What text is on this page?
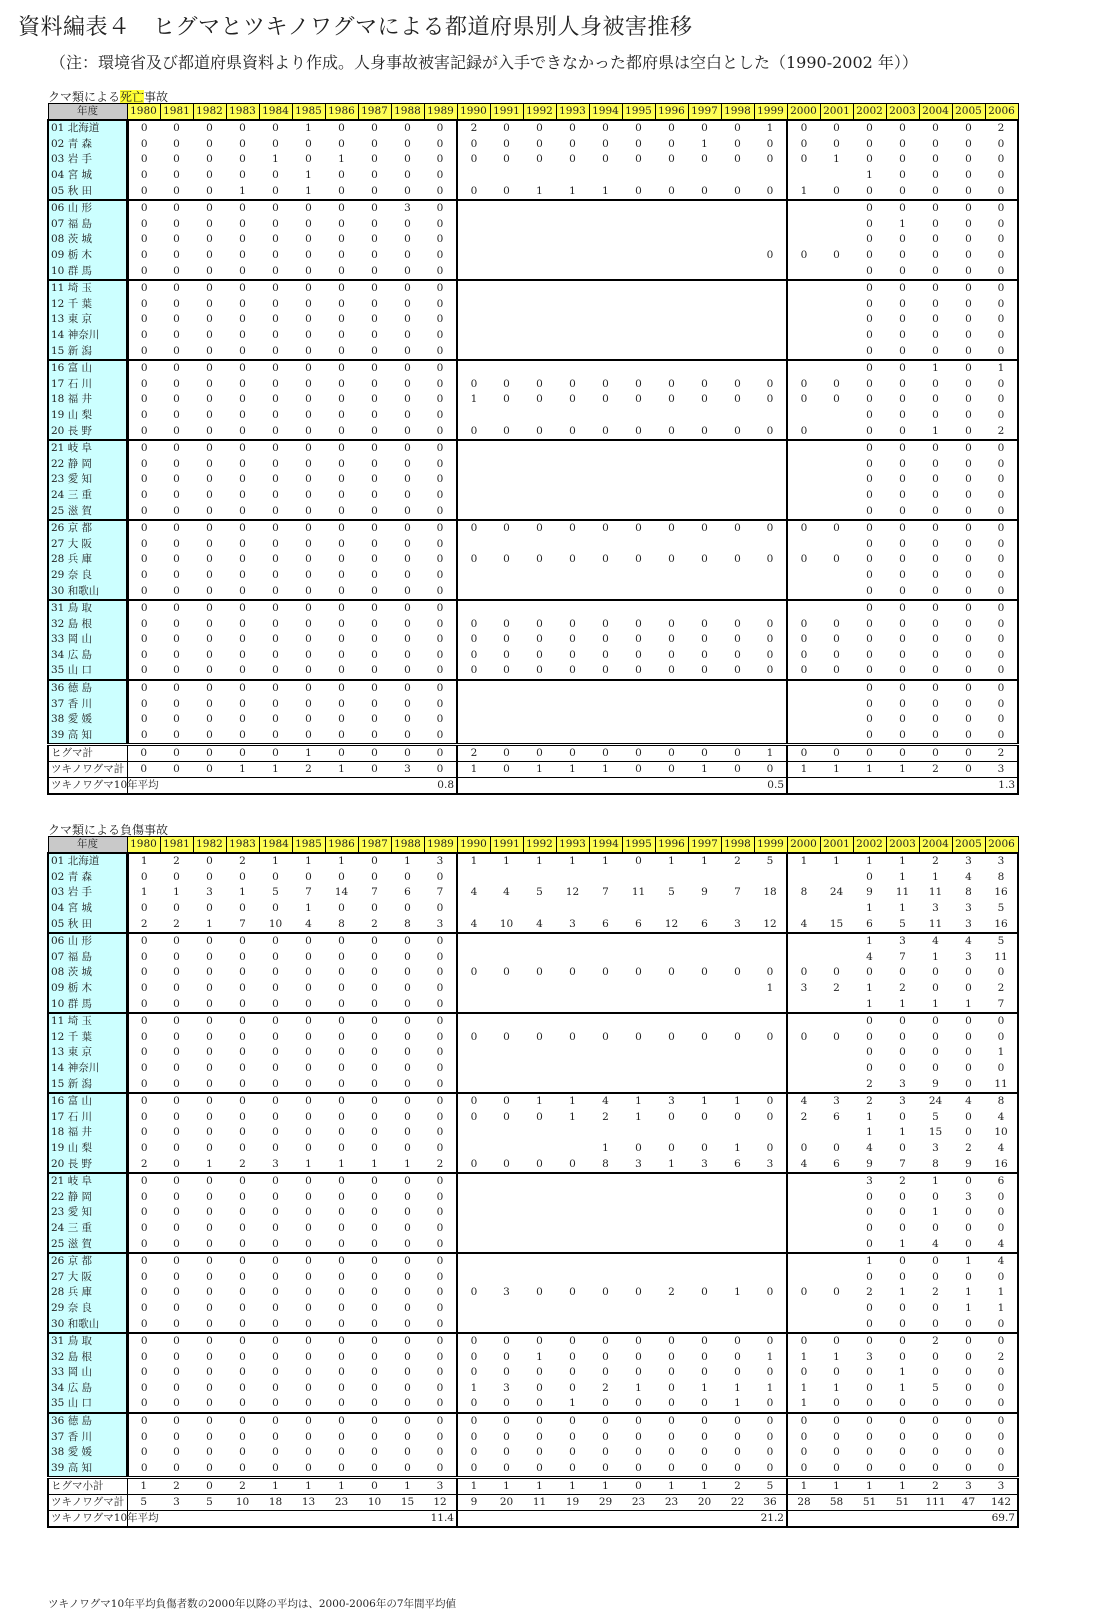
資料編表４　ヒグマとツキノワグマによる都道府県別人身被害推移
（注：環境省及び都道府県資料より作成。人身事故被害記録が入手できなかった都府県は空白とした（1990-2002 年））
クマ類による死亡事故
年度	1980	1981	1982	1983	1984	1985	1986	1987	1988	1989	1990	1991	1992	1993	1994	1995	1996	1997	1998	1999	2000	2001	2002	2003	2004	2005	2006
01 北海道	0	0	0	0	0	1	0	0	0	0	2	0	0	0	0	0	0	0	0	1	0	0	0	0	0	0	2
02 青 森	0	0	0	0	0	0	0	0	0	0	0	0	0	0	0	0	0	1	0	0	0	0	0	0	0	0	0
03 岩 手	0	0	0	0	1	0	1	0	0	0	0	0	0	0	0	0	0	0	0	0	0	1	0	0	0	0	0
04 宮 城	0	0	0	0	0	1	0	0	0	0													1	0	0	0	0
05 秋 田	0	0	0	1	0	1	0	0	0	0	0	0	1	1	1	0	0	0	0	0	1	0	0	0	0	0	0
06 山 形	0	0	0	0	0	0	0	0	3	0													0	0	0	0	0
07 福 島	0	0	0	0	0	0	0	0	0	0													0	1	0	0	0
08 茨 城	0	0	0	0	0	0	0	0	0	0													0	0	0	0	0
09 栃 木	0	0	0	0	0	0	0	0	0	0										0	0	0	0	0	0	0	0
10 群 馬	0	0	0	0	0	0	0	0	0	0													0	0	0	0	0
11 埼 玉	0	0	0	0	0	0	0	0	0	0													0	0	0	0	0
12 千 葉	0	0	0	0	0	0	0	0	0	0													0	0	0	0	0
13 東 京	0	0	0	0	0	0	0	0	0	0													0	0	0	0	0
14 神奈川	0	0	0	0	0	0	0	0	0	0													0	0	0	0	0
15 新 潟	0	0	0	0	0	0	0	0	0	0													0	0	0	0	0
16 富 山	0	0	0	0	0	0	0	0	0	0													0	0	1	0	1
17 石 川	0	0	0	0	0	0	0	0	0	0	0	0	0	0	0	0	0	0	0	0	0	0	0	0	0	0	0
18 福 井	0	0	0	0	0	0	0	0	0	0	1	0	0	0	0	0	0	0	0	0	0	0	0	0	0	0	0
19 山 梨	0	0	0	0	0	0	0	0	0	0													0	0	0	0	0
20 長 野	0	0	0	0	0	0	0	0	0	0	0	0	0	0	0	0	0	0	0	0	0		0	0	1	0	2
21 岐 阜	0	0	0	0	0	0	0	0	0	0													0	0	0	0	0
22 静 岡	0	0	0	0	0	0	0	0	0	0													0	0	0	0	0
23 愛 知	0	0	0	0	0	0	0	0	0	0													0	0	0	0	0
24 三 重	0	0	0	0	0	0	0	0	0	0													0	0	0	0	0
25 滋 賀	0	0	0	0	0	0	0	0	0	0													0	0	0	0	0
26 京 都	0	0	0	0	0	0	0	0	0	0	0	0	0	0	0	0	0	0	0	0	0	0	0	0	0	0	0
27 大 阪	0	0	0	0	0	0	0	0	0	0													0	0	0	0	0
28 兵 庫	0	0	0	0	0	0	0	0	0	0	0	0	0	0	0	0	0	0	0	0	0	0	0	0	0	0	0
29 奈 良	0	0	0	0	0	0	0	0	0	0													0	0	0	0	0
30 和歌山	0	0	0	0	0	0	0	0	0	0													0	0	0	0	0
31 鳥 取	0	0	0	0	0	0	0	0	0	0													0	0	0	0	0
32 島 根	0	0	0	0	0	0	0	0	0	0	0	0	0	0	0	0	0	0	0	0	0	0	0	0	0	0	0
33 岡 山	0	0	0	0	0	0	0	0	0	0	0	0	0	0	0	0	0	0	0	0	0	0	0	0	0	0	0
34 広 島	0	0	0	0	0	0	0	0	0	0	0	0	0	0	0	0	0	0	0	0	0	0	0	0	0	0	0
35 山 口	0	0	0	0	0	0	0	0	0	0	0	0	0	0	0	0	0	0	0	0	0	0	0	0	0	0	0
36 徳 島	0	0	0	0	0	0	0	0	0	0													0	0	0	0	0
37 香 川	0	0	0	0	0	0	0	0	0	0													0	0	0	0	0
38 愛 媛	0	0	0	0	0	0	0	0	0	0													0	0	0	0	0
39 高 知	0	0	0	0	0	0	0	0	0	0													0	0	0	0	0
ヒグマ計	0	0	0	0	0	1	0	0	0	0	2	0	0	0	0	0	0	0	0	1	0	0	0	0	0	0	2
ツキノワグマ計	0	0	0	1	1	2	1	0	3	0	1	0	1	1	1	0	0	1	0	0	1	1	1	1	2	0	3
ツキノワグマ10年平均	0.8										0.5										1.3						
クマ類による負傷事故
年度	1980	1981	1982	1983	1984	1985	1986	1987	1988	1989	1990	1991	1992	1993	1994	1995	1996	1997	1998	1999	2000	2001	2002	2003	2004	2005	2006
01 北海道	1	2	0	2	1	1	1	0	1	3	1	1	1	1	1	0	1	1	2	5	1	1	1	1	2	3	3
02 青 森	0	0	0	0	0	0	0	0	0	0													0	1	1	4	8
03 岩 手	1	1	3	1	5	7	14	7	6	7	4	4	5	12	7	11	5	9	7	18	8	24	9	11	11	8	16
04 宮 城	0	0	0	0	0	1	0	0	0	0													1	1	3	3	5
05 秋 田	2	2	1	7	10	4	8	2	8	3	4	10	4	3	6	6	12	6	3	12	4	15	6	5	11	3	16
06 山 形	0	0	0	0	0	0	0	0	0	0													1	3	4	4	5
07 福 島	0	0	0	0	0	0	0	0	0	0													4	7	1	3	11
08 茨 城	0	0	0	0	0	0	0	0	0	0	0	0	0	0	0	0	0	0	0	0	0	0	0	0	0	0	0
09 栃 木	0	0	0	0	0	0	0	0	0	0										1	3	2	1	2	0	0	2
10 群 馬	0	0	0	0	0	0	0	0	0	0													1	1	1	1	7
11 埼 玉	0	0	0	0	0	0	0	0	0	0													0	0	0	0	0
12 千 葉	0	0	0	0	0	0	0	0	0	0	0	0	0	0	0	0	0	0	0	0	0	0	0	0	0	0	0
13 東 京	0	0	0	0	0	0	0	0	0	0													0	0	0	0	1
14 神奈川	0	0	0	0	0	0	0	0	0	0													0	0	0	0	0
15 新 潟	0	0	0	0	0	0	0	0	0	0													2	3	9	0	11
16 富 山	0	0	0	0	0	0	0	0	0	0	0	0	1	1	4	1	3	1	1	0	4	3	2	3	24	4	8
17 石 川	0	0	0	0	0	0	0	0	0	0	0	0	0	1	2	1	0	0	0	0	2	6	1	0	5	0	4
18 福 井	0	0	0	0	0	0	0	0	0	0													1	1	15	0	10
19 山 梨	0	0	0	0	0	0	0	0	0	0					1	0	0	0	1	0	0	0	4	0	3	2	4
20 長 野	2	0	1	2	3	1	1	1	1	2	0	0	0	0	8	3	1	3	6	3	4	6	9	7	8	9	16
21 岐 阜	0	0	0	0	0	0	0	0	0	0													3	2	1	0	6
22 静 岡	0	0	0	0	0	0	0	0	0	0													0	0	0	3	0
23 愛 知	0	0	0	0	0	0	0	0	0	0													0	0	1	0	0
24 三 重	0	0	0	0	0	0	0	0	0	0													0	0	0	0	0
25 滋 賀	0	0	0	0	0	0	0	0	0	0													0	1	4	0	4
26 京 都	0	0	0	0	0	0	0	0	0	0													1	0	0	1	4
27 大 阪	0	0	0	0	0	0	0	0	0	0													0	0	0	0	0
28 兵 庫	0	0	0	0	0	0	0	0	0	0	0	3	0	0	0	0	2	0	1	0	0	0	2	1	2	1	1
29 奈 良	0	0	0	0	0	0	0	0	0	0													0	0	0	1	1
30 和歌山	0	0	0	0	0	0	0	0	0	0													0	0	0	0	0
31 鳥 取	0	0	0	0	0	0	0	0	0	0	0	0	0	0	0	0	0	0	0	0	0	0	0	0	2	0	0
32 島 根	0	0	0	0	0	0	0	0	0	0	0	0	1	0	0	0	0	0	0	1	1	1	3	0	0	0	2
33 岡 山	0	0	0	0	0	0	0	0	0	0	0	0	0	0	0	0	0	0	0	0	0	0	0	1	0	0	0
34 広 島	0	0	0	0	0	0	0	0	0	0	1	3	0	0	2	1	0	1	1	1	1	1	0	1	5	0	0
35 山 口	0	0	0	0	0	0	0	0	0	0	0	0	0	1	0	0	0	0	1	0	1	0	0	0	0	0	0
36 徳 島	0	0	0	0	0	0	0	0	0	0	0	0	0	0	0	0	0	0	0	0	0	0	0	0	0	0	0
37 香 川	0	0	0	0	0	0	0	0	0	0	0	0	0	0	0	0	0	0	0	0	0	0	0	0	0	0	0
38 愛 媛	0	0	0	0	0	0	0	0	0	0	0	0	0	0	0	0	0	0	0	0	0	0	0	0	0	0	0
39 高 知	0	0	0	0	0	0	0	0	0	0	0	0	0	0	0	0	0	0	0	0	0	0	0	0	0	0	0
ヒグマ小計	1	2	0	2	1	1	1	0	1	3	1	1	1	1	1	0	1	1	2	5	1	1	1	1	2	3	3
ツキノワグマ計	5	3	5	10	18	13	23	10	15	12	9	20	11	19	29	23	23	20	22	36	28	58	51	51	111	47	142
ツキノワグマ10年平均	11.4										21.2										69.7						
ツキノワグマ10年平均負傷者数の2000年以降の平均は、2000-2006年の7年間平均値
